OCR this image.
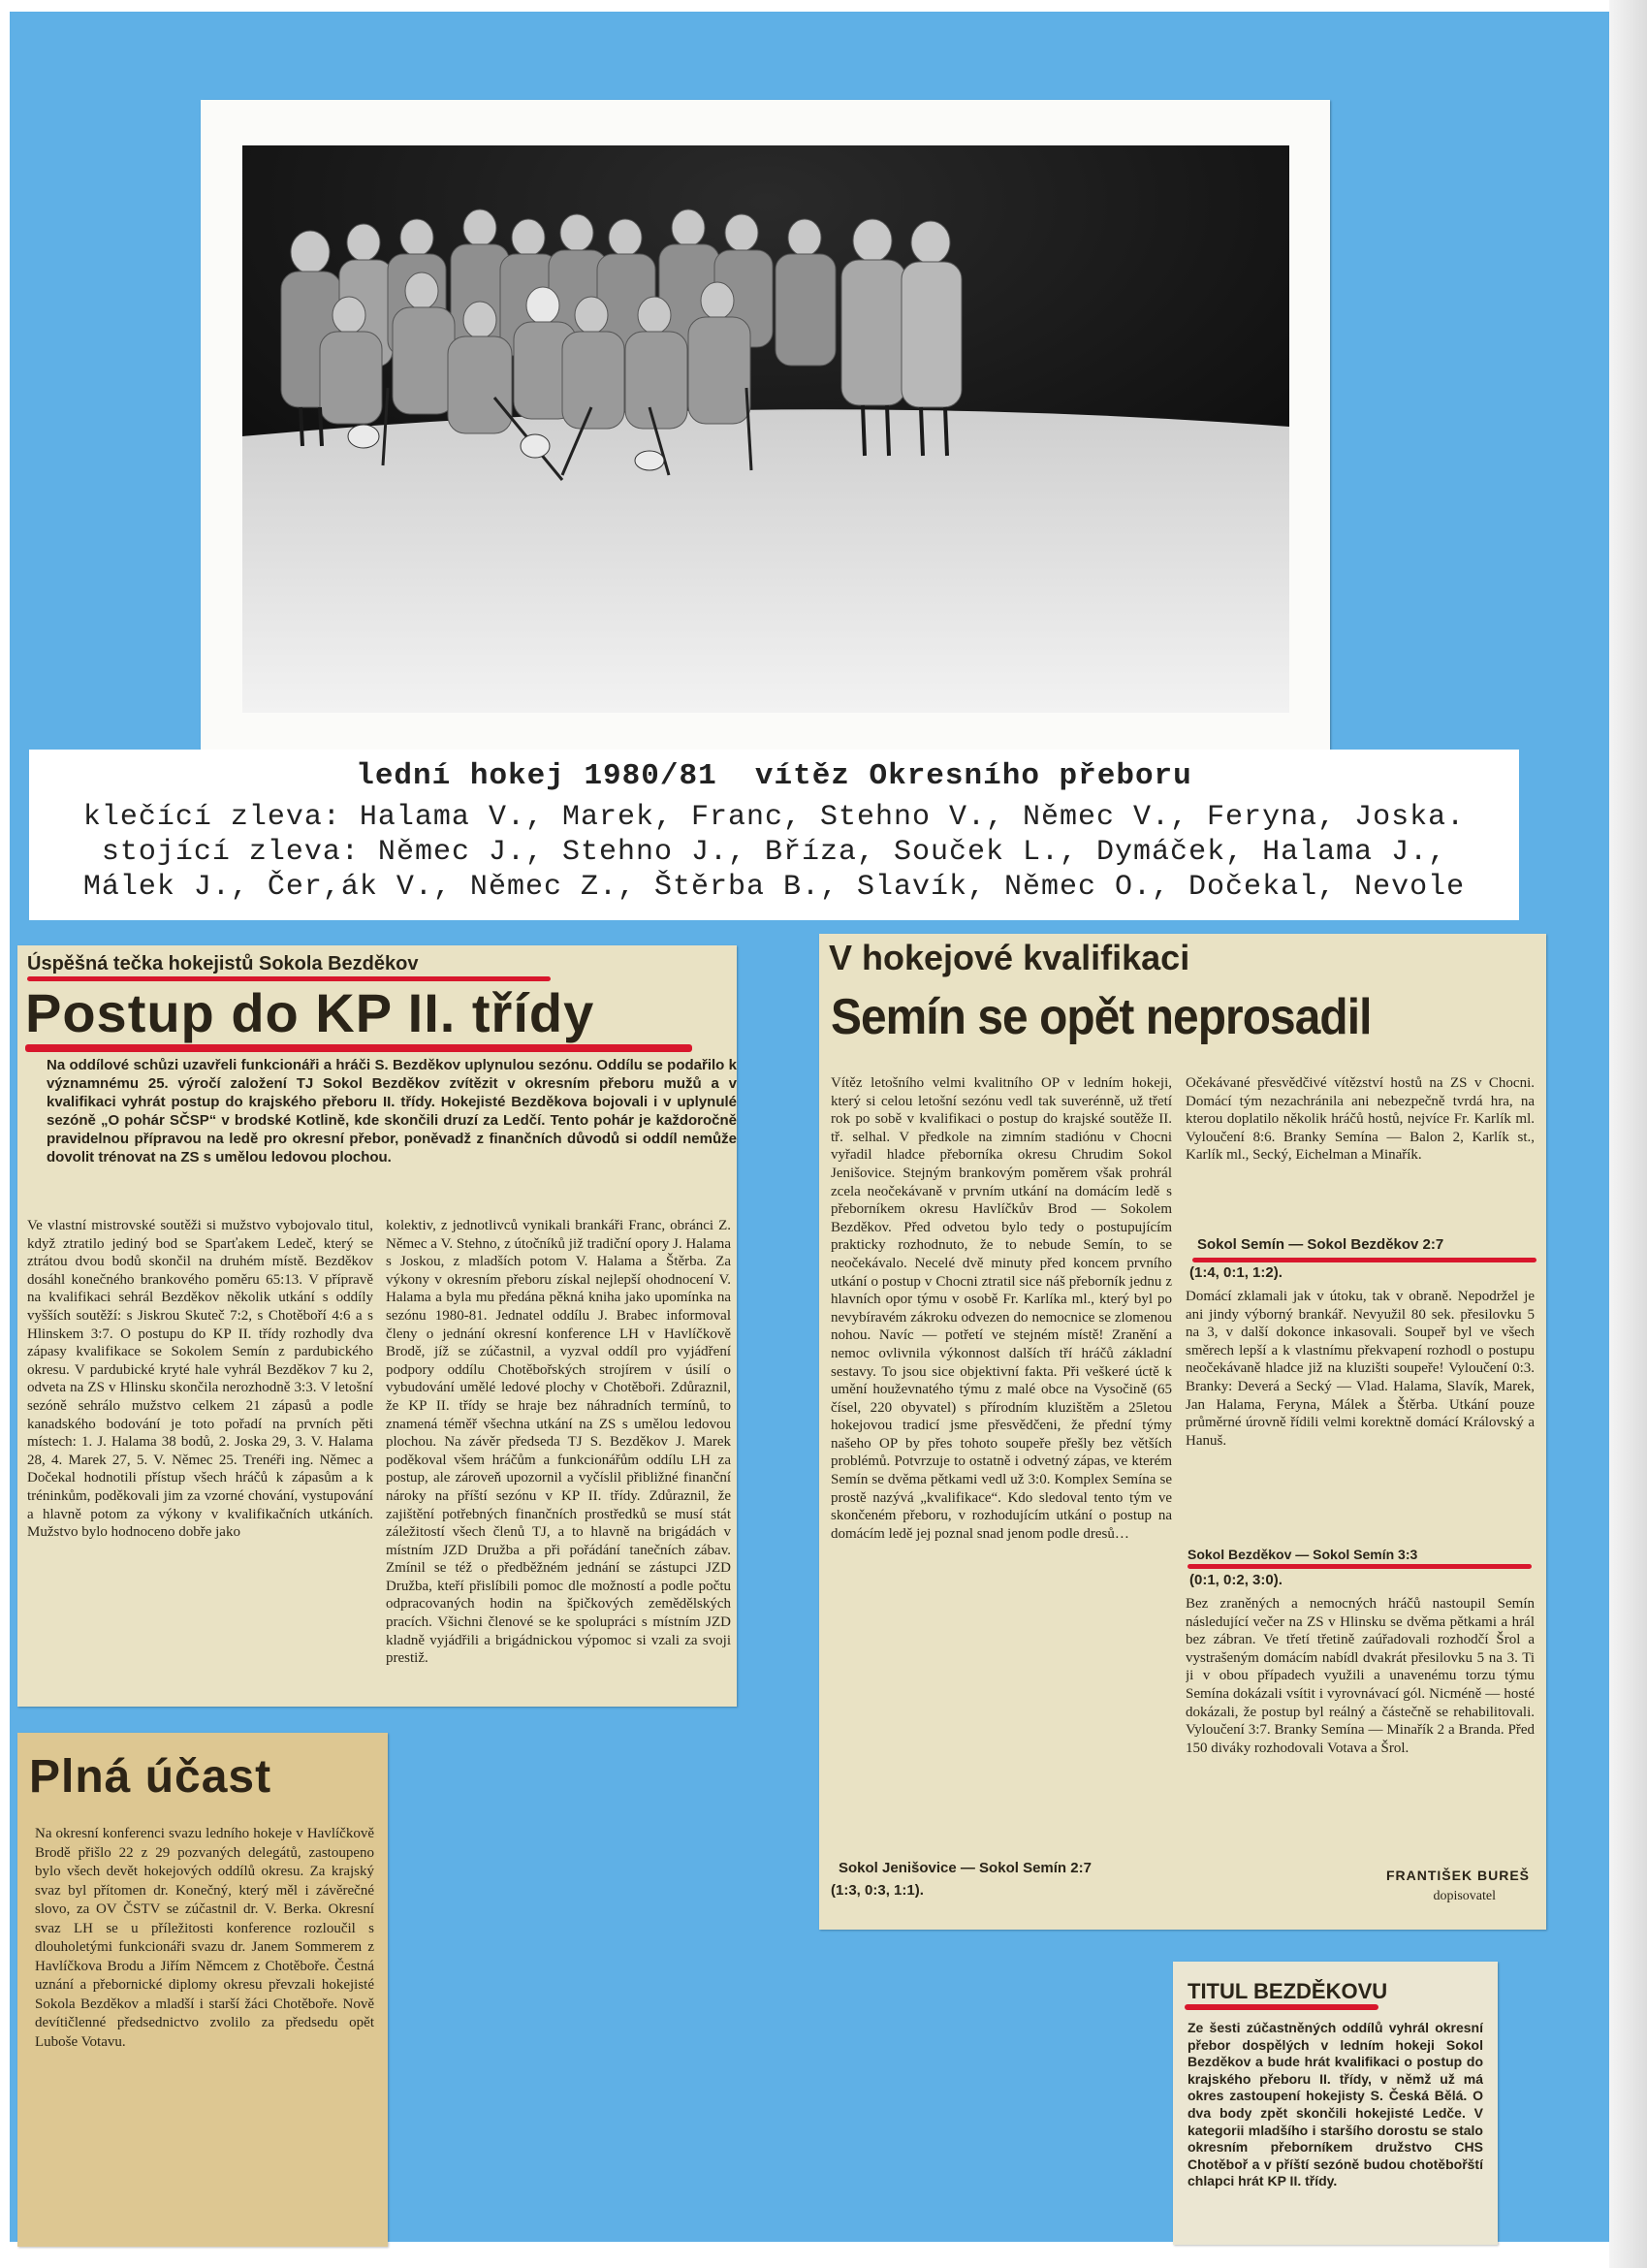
lední hokej 1980/81  vítěz Okresního přeboru
klečící zleva: Halama V., Marek, Franc, Stehno V., Němec V., Feryna, Joska.
stojící zleva: Němec J., Stehno J., Bříza, Souček L., Dymáček, Halama J.,
Málek J., Čer,ák V., Němec Z., Štěrba B., Slavík, Němec O., Dočekal, Nevole
Úspěšná tečka hokejistů Sokola Bezděkov
Postup do KP II. třídy
Na oddílové schůzi uzavřeli funkcionáři a hráči S. Bezděkov uplynulou sezónu. Oddílu se podařilo k významnému 25. výročí založení TJ Sokol Bezděkov zvítězit v okresním přeboru mužů a v kvalifikaci vyhrát postup do krajského přeboru II. třídy. Hokejisté Bezděkova bojovali i v uplynulé sezóně „O pohár SČSP“ v brodské Kotlině, kde skončili druzí za Ledčí. Tento pohár je každoročně pravidelnou přípravou na ledě pro okresní přebor, poněvadž z finančních důvodů si oddíl nemůže dovolit trénovat na ZS s umělou ledovou plochou.
Ve vlastní mistrovské soutěži si mužstvo vybojovalo titul, když ztratilo jediný bod se Sparťakem Ledeč, který se ztrátou dvou bodů skončil na druhém místě. Bezděkov dosáhl konečného brankového poměru 65:13. V přípravě na kvalifikaci sehrál Bezděkov několik utkání s oddíly vyšších soutěží: s Jiskrou Skuteč 7:2, s Chotěboří 4:6 a s Hlinskem 3:7. O postupu do KP II. třídy rozhodly dva zápasy kvalifikace se Sokolem Semín z pardubického okresu. V pardubické kryté hale vyhrál Bezděkov 7 ku 2, odveta na ZS v Hlinsku skončila nerozhodně 3:3. V letošní sezóně sehrálo mužstvo celkem 21 zápasů a podle kanadského bodování je toto pořadí na prvních pěti místech: 1. J. Halama 38 bodů, 2. Joska 29, 3. V. Halama 28, 4. Marek 27, 5. V. Němec 25. Trenéři ing. Němec a Dočekal hodnotili přístup všech hráčů k zápasům a k tréninkům, poděkovali jim za vzorné chování, vystupování a hlavně potom za výkony v kvalifikačních utkáních. Mužstvo bylo hodnoceno dobře jako
kolektiv, z jednotlivců vynikali brankáři Franc, obránci Z. Němec a V. Stehno, z útočníků již tradiční opory J. Halama s Joskou, z mladších potom V. Halama a Štěrba. Za výkony v okresním přeboru získal nejlepší ohodnocení V. Halama a byla mu předána pěkná kniha jako upomínka na sezónu 1980-81. Jednatel oddílu J. Brabec informoval členy o jednání okresní konference LH v Havlíčkově Brodě, jíž se zúčastnil, a vyzval oddíl pro vyjádření podpory oddílu Chotěbořských strojírem v úsilí o vybudování umělé ledové plochy v Chotěboři. Zdůraznil, že KP II. třídy se hraje bez náhradních termínů, to znamená téměř všechna utkání na ZS s umělou ledovou plochou. Na závěr předseda TJ S. Bezděkov J. Marek poděkoval všem hráčům a funkcionářům oddílu LH za postup, ale zároveň upozornil a vyčíslil přibližné finanční nároky na příští sezónu v KP II. třídy. Zdůraznil, že zajištění potřebných finančních prostředků se musí stát záležitostí všech členů TJ, a to hlavně na brigádách v místním JZD Družba a při pořádání tanečních zábav. Zmínil se též o předběžném jednání se zástupci JZD Družba, kteří přislíbili pomoc dle možností a podle počtu odpracovaných hodin na špičkových zemědělských pracích. Všichni členové se ke spolupráci s místním JZD kladně vyjádřili a brigádnickou výpomoc si vzali za svoji prestiž.
V hokejové kvalifikaci
Semín se opět neprosadil
Vítěz letošního velmi kvalitního OP v ledním hokeji, který si celou letošní sezónu vedl tak suverénně, už třetí rok po sobě v kvalifikaci o postup do krajské soutěže II. tř. selhal. V předkole na zimním stadiónu v Chocni vyřadil hladce přeborníka okresu Chrudim Sokol Jenišovice. Stejným brankovým poměrem však prohrál zcela neočekávaně v prvním utkání na domácím ledě s přeborníkem okresu Havlíčkův Brod — Sokolem Bezděkov. Před odvetou bylo tedy o postupujícím prakticky rozhodnuto, že to nebude Semín, to se neočekávalo. Necelé dvě minuty před koncem prvního utkání o postup v Chocni ztratil sice náš přeborník jednu z hlavních opor týmu v osobě Fr. Karlíka ml., který byl po nevybíravém zákroku odvezen do nemocnice se zlomenou nohou. Navíc — potřetí ve stejném místě! Zranění a nemoc ovlivnila výkonnost dalších tří hráčů základní sestavy. To jsou sice objektivní fakta. Při veškeré úctě k umění houževnatého týmu z malé obce na Vysočině (65 čísel, 220 obyvatel) s přírodním kluzištěm a 25letou hokejovou tradicí jsme přesvědčeni, že přední týmy našeho OP by přes tohoto soupeře přešly bez větších problémů. Potvrzuje to ostatně i odvetný zápas, ve kterém Semín se dvěma pětkami vedl už 3:0. Komplex Semína se prostě nazývá „kvalifikace“. Kdo sledoval tento tým ve skončeném přeboru, v rozhodujícím utkání o postup na domácím ledě jej poznal snad jenom podle dresů…
Sokol Jenišovice — Sokol Semín 2:7
(1:3, 0:3, 1:1).
Očekávané přesvědčivé vítězství hostů na ZS v Chocni. Domácí tým nezachránila ani nebezpečně tvrdá hra, na kterou doplatilo několik hráčů hostů, nejvíce Fr. Karlík ml. Vyloučení 8:6. Branky Semína — Balon 2, Karlík st., Karlík ml., Secký, Eichelman a Minařík.
Sokol Semín — Sokol Bezděkov 2:7
(1:4, 0:1, 1:2).
Domácí zklamali jak v útoku, tak v obraně. Nepodržel je ani jindy výborný brankář. Nevyužil 80 sek. přesilovku 5 na 3, v další dokonce inkasovali. Soupeř byl ve všech směrech lepší a k vlastnímu překvapení rozhodl o postupu neočekávaně hladce již na kluzišti soupeře! Vyloučení 0:3. Branky: Deverá a Secký — Vlad. Halama, Slavík, Marek, Jan Halama, Feryna, Málek a Štěrba. Utkání pouze průměrné úrovně řídili velmi korektně domácí Královský a Hanuš.
Sokol Bezděkov — Sokol Semín 3:3
(0:1, 0:2, 3:0).
Bez zraněných a nemocných hráčů nastoupil Semín následující večer na ZS v Hlinsku se dvěma pětkami a hrál bez zábran. Ve třetí třetině zaúřadovali rozhodčí Šrol a vystrašeným domácím nabídl dvakrát přesilovku 5 na 3. Ti ji v obou případech využili a unavenému torzu týmu Semína dokázali vsítit i vyrovnávací gól. Nicméně — hosté dokázali, že postup byl reálný a částečně se rehabilitovali. Vyloučení 3:7. Branky Semína — Minařík 2 a Branda. Před 150 diváky rozhodovali Votava a Šrol.
FRANTIŠEK BUREŠ
dopisovatel
Plná účast
Na okresní konferenci svazu ledního hokeje v Havlíčkově Brodě přišlo 22 z 29 pozvaných delegátů, zastoupeno bylo všech devět hokejových oddílů okresu. Za krajský svaz byl přítomen dr. Konečný, který měl i závěrečné slovo, za OV ČSTV se zúčastnil dr. V. Berka. Okresní svaz LH se u příležitosti konference rozloučil s dlouholetými funkcionáři svazu dr. Janem Sommerem z Havlíčkova Brodu a Jiřím Němcem z Chotěboře. Čestná uznání a přebornické diplomy okresu převzali hokejisté Sokola Bezděkov a mladší i starší žáci Chotěboře. Nově devítičlenné předsednictvo zvolilo za předsedu opět Luboše Votavu.
TITUL BEZDĚKOVU
Ze šesti zúčastněných oddílů vyhrál okresní přebor dospělých v ledním hokeji Sokol Bezděkov a bude hrát kvalifikaci o postup do krajského přeboru II. třídy, v němž už má okres zastoupení hokejisty S. Česká Bělá. O dva body zpět skončili hokejisté Ledče. V kategorii mladšího i staršího dorostu se stalo okresním přeborníkem družstvo CHS Chotěboř a v příští sezóně budou chotěbořští chlapci hrát KP II. třídy.
